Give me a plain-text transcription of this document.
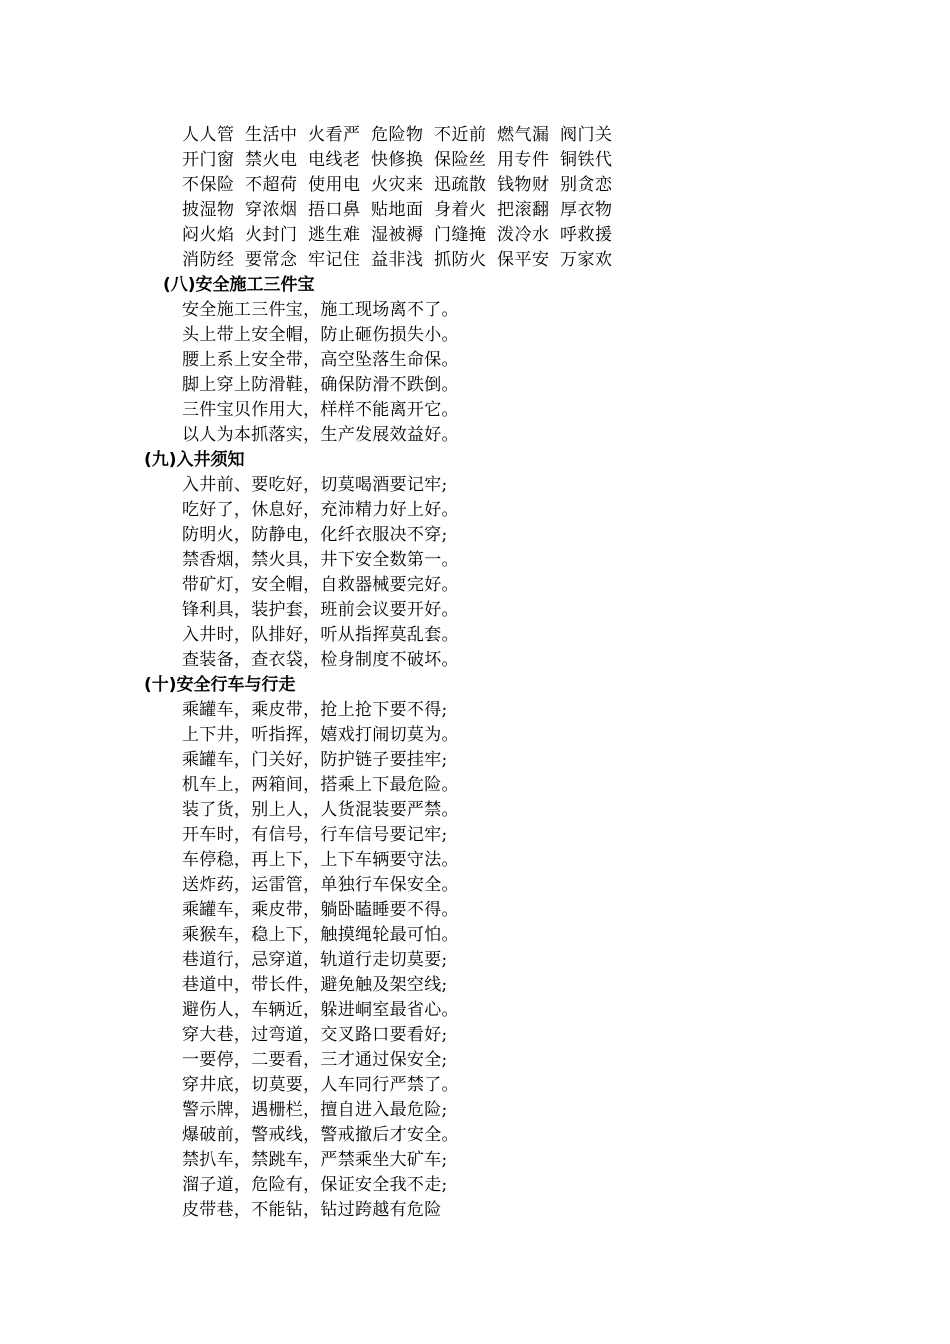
人人管 生活中 火看严 危险物 不近前 燃气漏 阀门关
开门窗 禁火电 电线老 快修换 保险丝 用专件 铜铁代
不保险 不超荷 使用电 火灾来 迅疏散 钱物财 别贪恋
披湿物 穿浓烟 捂口鼻 贴地面 身着火 把滚翻 厚衣物
闷火焰 火封门 逃生难 湿被褥 门缝掩 泼冷水 呼救援
消防经 要常念 牢记住 益非浅 抓防火 保平安 万家欢
(八)安全施工三件宝
安全施工三件宝，施工现场离不了。
头上带上安全帽，防止砸伤损失小。
腰上系上安全带，高空坠落生命保。
脚上穿上防滑鞋，确保防滑不跌倒。
三件宝贝作用大，样样不能离开它。
以人为本抓落实，生产发展效益好。
(九)入井须知
入井前、要吃好，切莫喝酒要记牢;
吃好了，休息好，充沛精力好上好。
防明火，防静电，化纤衣服决不穿;
禁香烟，禁火具，井下安全数第一。
带矿灯，安全帽，自救器械要完好。
锋利具，装护套，班前会议要开好。
入井时，队排好，听从指挥莫乱套。
查装备，查衣袋，检身制度不破坏。
(十)安全行车与行走
乘罐车，乘皮带，抢上抢下要不得;
上下井，听指挥，嬉戏打闹切莫为。
乘罐车，门关好，防护链子要挂牢;
机车上，两箱间，搭乘上下最危险。
装了货，别上人，人货混装要严禁。
开车时，有信号，行车信号要记牢;
车停稳，再上下，上下车辆要守法。
送炸药，运雷管，单独行车保安全。
乘罐车，乘皮带，躺卧瞌睡要不得。
乘猴车，稳上下，触摸绳轮最可怕。
巷道行，忌穿道，轨道行走切莫要;
巷道中，带长件，避免触及架空线;
避伤人，车辆近，躲进峒室最省心。
穿大巷，过弯道，交叉路口要看好;
一要停，二要看，三才通过保安全;
穿井底，切莫要，人车同行严禁了。
警示牌，遇栅栏，擅自进入最危险;
爆破前，警戒线，警戒撤后才安全。
禁扒车，禁跳车，严禁乘坐大矿车;
溜子道，危险有，保证安全我不走;
皮带巷，不能钻，钻过跨越有危险
